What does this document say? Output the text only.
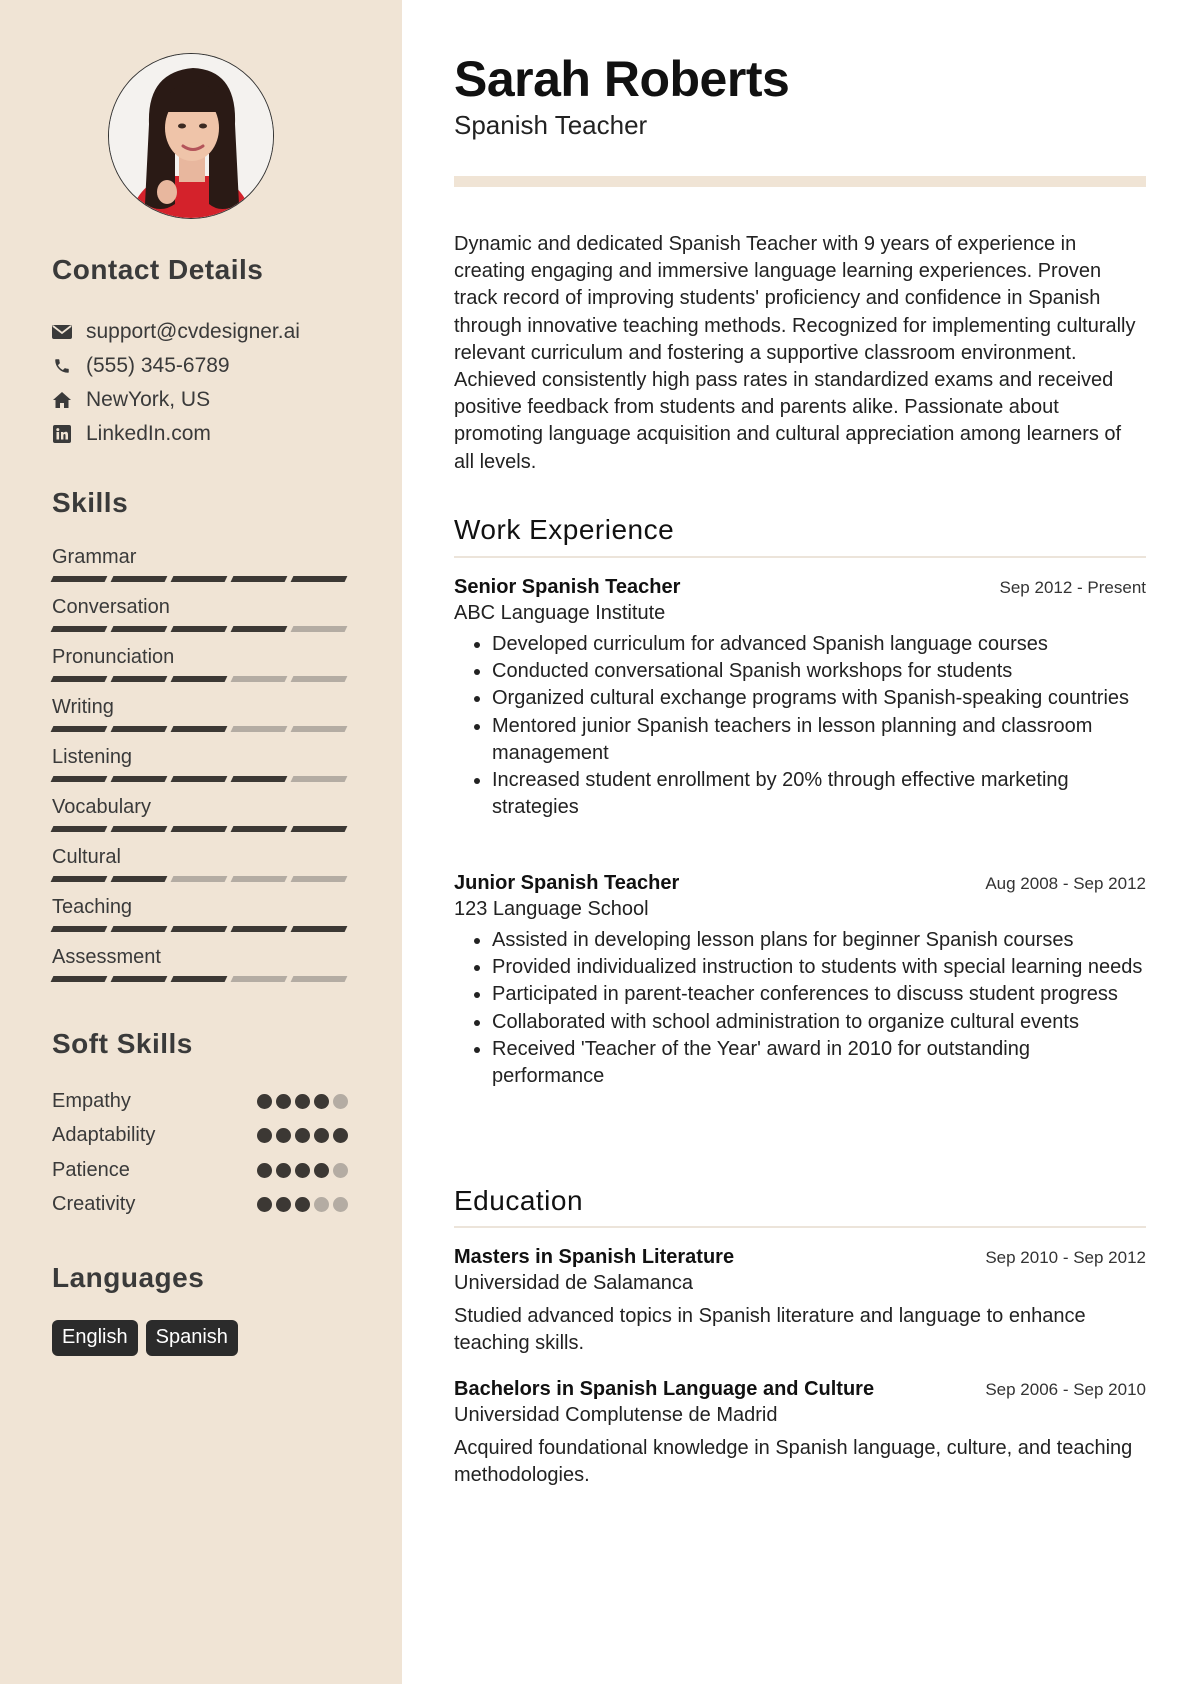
Contact Details
support@cvdesigner.ai
(555) 345-6789
NewYork, US
LinkedIn.com
Skills
Grammar
Conversation
Pronunciation
Writing
Listening
Vocabulary
Cultural
Teaching
Assessment
Soft Skills
Empathy
Adaptability
Patience
Creativity
Languages
English	Spanish
Sarah Roberts
Spanish Teacher

Dynamic and dedicated Spanish Teacher with 9 years of experience in creating engaging and immersive language learning experiences. Proven track record of improving students' proficiency and confidence in Spanish through innovative teaching methods. Recognized for implementing culturally relevant curriculum and fostering a supportive classroom environment. Achieved consistently high pass rates in standardized exams and received positive feedback from students and parents alike. Passionate about promoting language acquisition and cultural appreciation among learners of all levels.

Work Experience
Senior Spanish Teacher	Sep 2012 - Present
ABC Language Institute
• Developed curriculum for advanced Spanish language courses
• Conducted conversational Spanish workshops for students
• Organized cultural exchange programs with Spanish-speaking countries
• Mentored junior Spanish teachers in lesson planning and classroom management
• Increased student enrollment by 20% through effective marketing strategies
Junior Spanish Teacher	Aug 2008 - Sep 2012
123 Language School
• Assisted in developing lesson plans for beginner Spanish courses
• Provided individualized instruction to students with special learning needs
• Participated in parent-teacher conferences to discuss student progress
• Collaborated with school administration to organize cultural events
• Received 'Teacher of the Year' award in 2010 for outstanding performance
Education
Masters in Spanish Literature	Sep 2010 - Sep 2012
Universidad de Salamanca

Studied advanced topics in Spanish literature and language to enhance teaching skills.

Bachelors in Spanish Language and Culture	Sep 2006 - Sep 2010
Universidad Complutense de Madrid

Acquired foundational knowledge in Spanish language, culture, and teaching methodologies.
